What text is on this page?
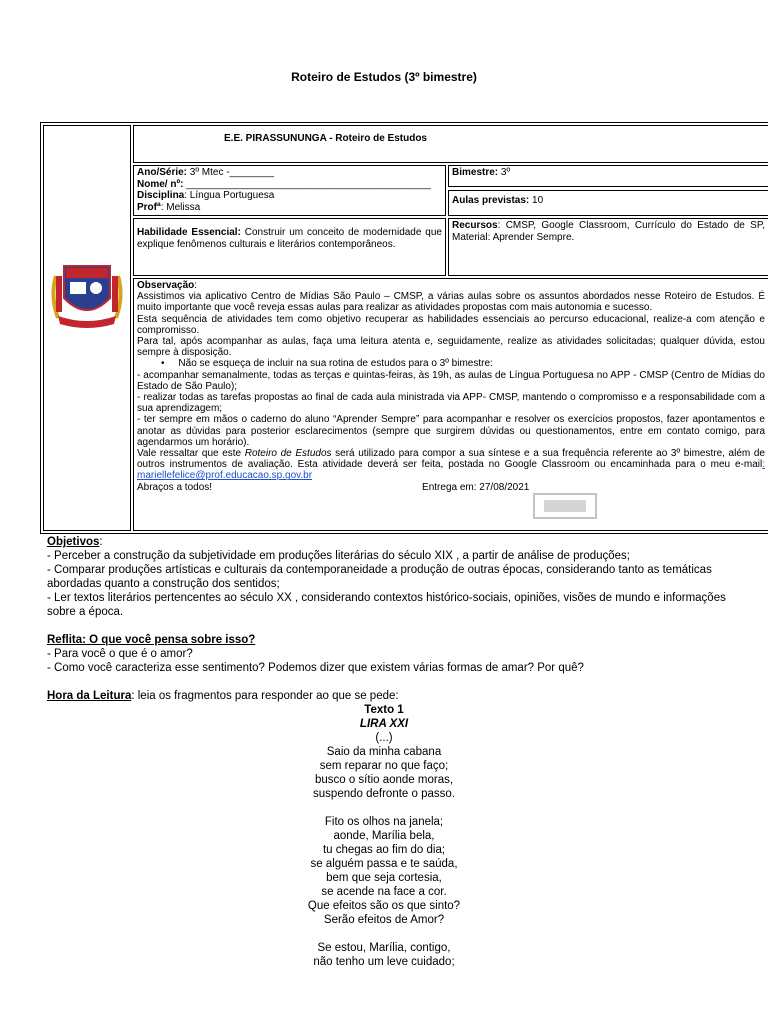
Roteiro de Estudos (3º bimestre)
E.E. PIRASSUNUNGA - Roteiro de Estudos
Ano/Série: 3º Mtec -________
Nome/ nº: ____________________________________________
Disciplina: Língua Portuguesa
Profª: Melissa
Bimestre: 3º
Aulas previstas: 10
Habilidade Essencial: Construir um conceito de modernidade que explique fenômenos culturais e literários contemporâneos.
Recursos: CMSP, Google Classroom, Currículo do Estado de SP, Material: Aprender Sempre.
Observação:
Assistimos via aplicativo Centro de Mídias São Paulo – CMSP, a várias aulas sobre os assuntos abordados nesse Roteiro de Estudos. É muito importante que você reveja essas aulas para realizar as atividades propostas com mais autonomia e sucesso.
Esta sequência de atividades tem como objetivo recuperar as habilidades essenciais ao percurso educacional, realize-a com atenção e compromisso.
Para tal, após acompanhar as aulas, faça uma leitura atenta e, seguidamente, realize as atividades solicitadas; qualquer dúvida, estou sempre à disposição.
•     Não se esqueça de incluir na sua rotina de estudos para o 3º bimestre:
- acompanhar semanalmente, todas as terças e quintas-feiras, às 19h, as aulas de Língua Portuguesa no APP - CMSP (Centro de Mídias do Estado de São Paulo);
- realizar todas as tarefas propostas ao final de cada aula ministrada via APP- CMSP, mantendo o compromisso e a responsabilidade com a sua aprendizagem;
- ter sempre em mãos o caderno do aluno “Aprender Sempre” para acompanhar e resolver os exercícios propostos, fazer apontamentos e anotar as dúvidas para posterior esclarecimentos (sempre que surgirem dúvidas ou questionamentos, entre em contato comigo, para agendarmos um horário).
Vale ressaltar que este Roteiro de Estudos será utilizado para compor a sua síntese e a sua frequência referente ao 3º bimestre, além de outros instrumentos de avaliação. Esta atividade deverá ser feita, postada no Google Classroom ou encaminhada para o meu e-mail: mariellefelice@prof.educacao.sp.gov.br
Abraços a todos!	Entrega em: 27/08/2021
Objetivos:
- Perceber a construção da subjetividade em produções literárias do século XIX , a partir de análise de produções;
- Comparar produções artísticas e culturais da contemporaneidade a produção de outras épocas, considerando tanto as temáticas abordadas quanto a construção dos sentidos;
- Ler textos literários pertencentes ao século XX , considerando contextos histórico-sociais, opiniões, visões de mundo e informações sobre a época.
Reflita: O que você pensa sobre isso?
- Para você o que é o amor?
- Como você caracteriza esse sentimento? Podemos dizer que existem várias formas de amar? Por quê?
Hora da Leitura: leia os fragmentos para responder ao que se pede:
Texto 1
LIRA XXI
(...)
Saio da minha cabana
sem reparar no que faço;
busco o sítio aonde moras,
suspendo defronte o passo.

Fito os olhos na janela;
aonde, Marília bela,
tu chegas ao fim do dia;
se alguém passa e te saúda,
bem que seja cortesia,
se acende na face a cor.
Que efeitos são os que sinto?
Serão efeitos de Amor?

Se estou, Marília, contigo,
não tenho um leve cuidado;
